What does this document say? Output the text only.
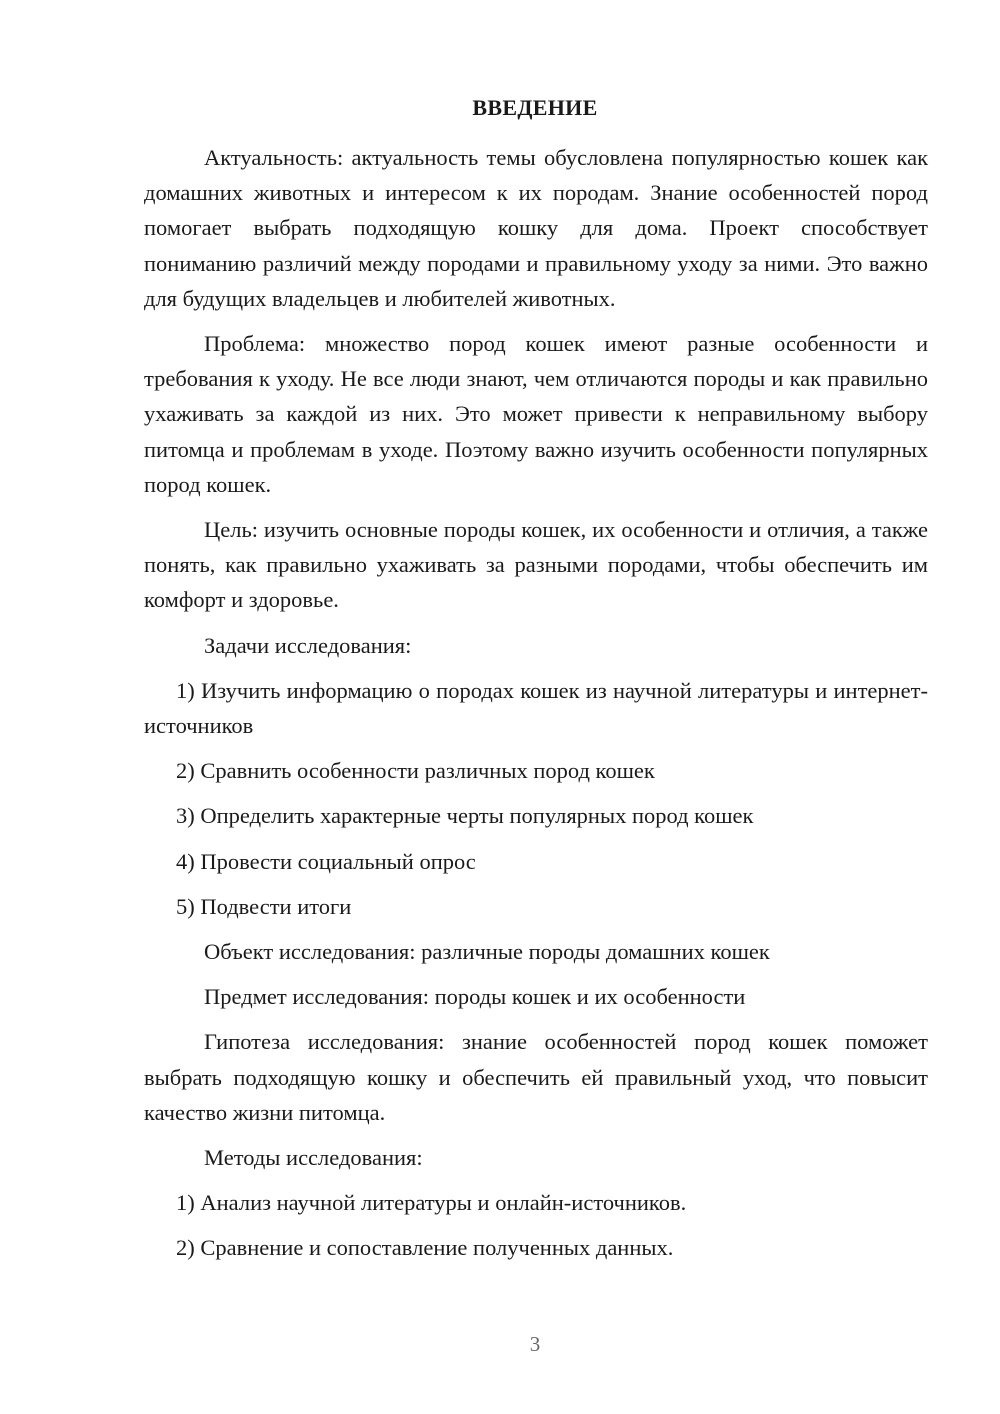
ВВЕДЕНИЕ

Актуальность: актуальность темы обусловлена популярностью кошек как домашних животных и интересом к их породам. Знание особенностей пород помогает выбрать подходящую кошку для дома. Проект способствует пониманию различий между породами и правильному уходу за ними. Это важно для будущих владельцев и любителей животных.

Проблема: множество пород кошек имеют разные особенности и требования к уходу. Не все люди знают, чем отличаются породы и как правильно ухаживать за каждой из них. Это может привести к неправильному выбору питомца и проблемам в уходе. Поэтому важно изучить особенности популярных пород кошек.

Цель: изучить основные породы кошек, их особенности и отличия, а также понять, как правильно ухаживать за разными породами, чтобы обеспечить им комфорт и здоровье.

Задачи исследования:

1) Изучить информацию о породах кошек из научной литературы и интернет-источников

2) Сравнить особенности различных пород кошек

3) Определить характерные черты популярных пород кошек

4) Провести социальный опрос

5) Подвести итоги

Объект исследования: различные породы домашних кошек

Предмет исследования: породы кошек и их особенности

Гипотеза исследования: знание особенностей пород кошек поможет выбрать подходящую кошку и обеспечить ей правильный уход, что повысит качество жизни питомца.

Методы исследования:

1) Анализ научной литературы и онлайн-источников.

2) Сравнение и сопоставление полученных данных.

3
